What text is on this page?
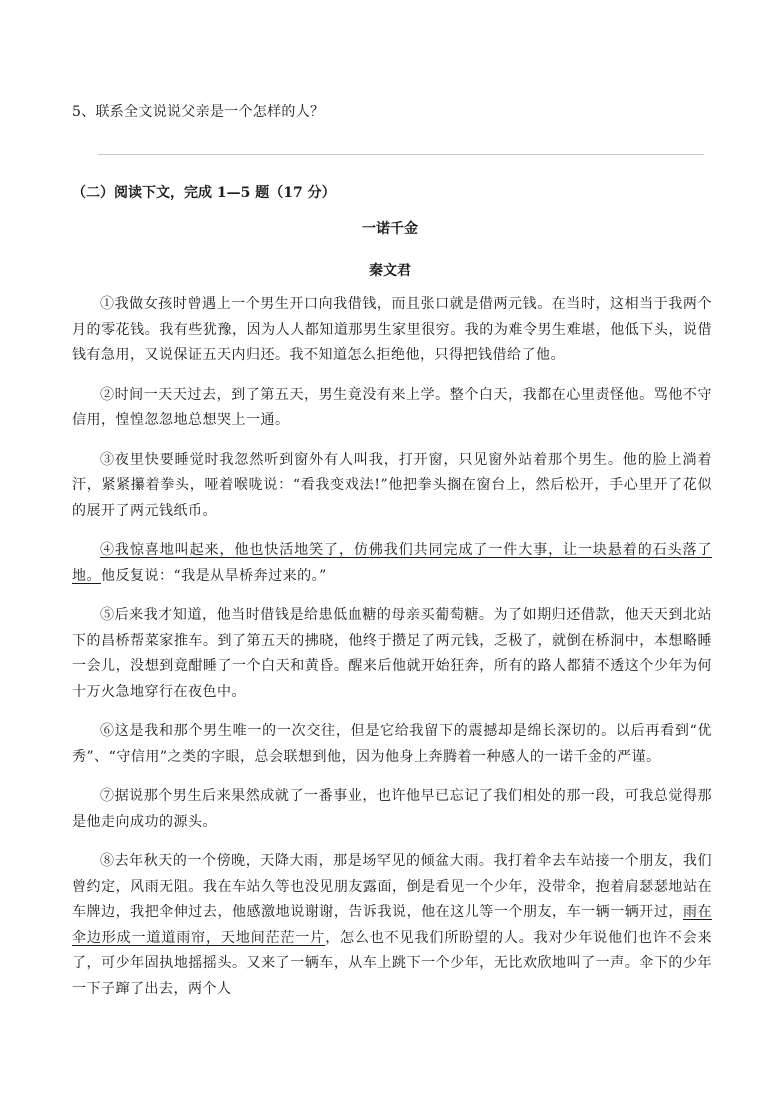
5、联系全文说说父亲是一个怎样的人？
（二）阅读下文，完成 1—5 题（17 分）
一诺千金
秦文君

①我做女孩时曾遇上一个男生开口向我借钱，而且张口就是借两元钱。在当时，这相当于我两个月的零花钱。我有些犹豫，因为人人都知道那男生家里很穷。我的为难令男生难堪，他低下头，说借钱有急用，又说保证五天内归还。我不知道怎么拒绝他，只得把钱借给了他。

②时间一天天过去，到了第五天，男生竟没有来上学。整个白天，我都在心里责怪他。骂他不守信用，惶惶忽忽地总想哭上一通。

③夜里快要睡觉时我忽然听到窗外有人叫我，打开窗，只见窗外站着那个男生。他的脸上淌着汗，紧紧攥着拳头，哑着喉咙说：“看我变戏法!”他把拳头搁在窗台上，然后松开，手心里开了花似的展开了两元钱纸币。

④我惊喜地叫起来，他也快活地笑了，仿佛我们共同完成了一件大事，让一块悬着的石头落了地。他反复说：“我是从旱桥奔过来的。”

⑤后来我才知道，他当时借钱是给患低血糖的母亲买葡萄糖。为了如期归还借款，他天天到北站下的昌桥帮菜家推车。到了第五天的拂晓，他终于攒足了两元钱，乏极了，就倒在桥洞中，本想略睡一会儿，没想到竟酣睡了一个白天和黄昏。醒来后他就开始狂奔，所有的路人都猜不透这个少年为何十万火急地穿行在夜色中。

⑥这是我和那个男生唯一的一次交往，但是它给我留下的震撼却是绵长深切的。以后再看到“优秀”、“守信用”之类的字眼，总会联想到他，因为他身上奔腾着一种感人的一诺千金的严谨。

⑦据说那个男生后来果然成就了一番事业，也许他早已忘记了我们相处的那一段，可我总觉得那是他走向成功的源头。

⑧去年秋天的一个傍晚，天降大雨，那是场罕见的倾盆大雨。我打着伞去车站接一个朋友，我们曾约定，风雨无阻。我在车站久等也没见朋友露面，倒是看见一个少年，没带伞，抱着肩瑟瑟地站在车牌边，我把伞伸过去，他感激地说谢谢，告诉我说，他在这儿等一个朋友，车一辆一辆开过，雨在伞边形成一道道雨帘，天地间茫茫一片，怎么也不见我们所盼望的人。我对少年说他们也许不会来了，可少年固执地摇摇头。又来了一辆车，从车上跳下一个少年，无比欢欣地叫了一声。伞下的少年一下子蹿了出去，两个人
